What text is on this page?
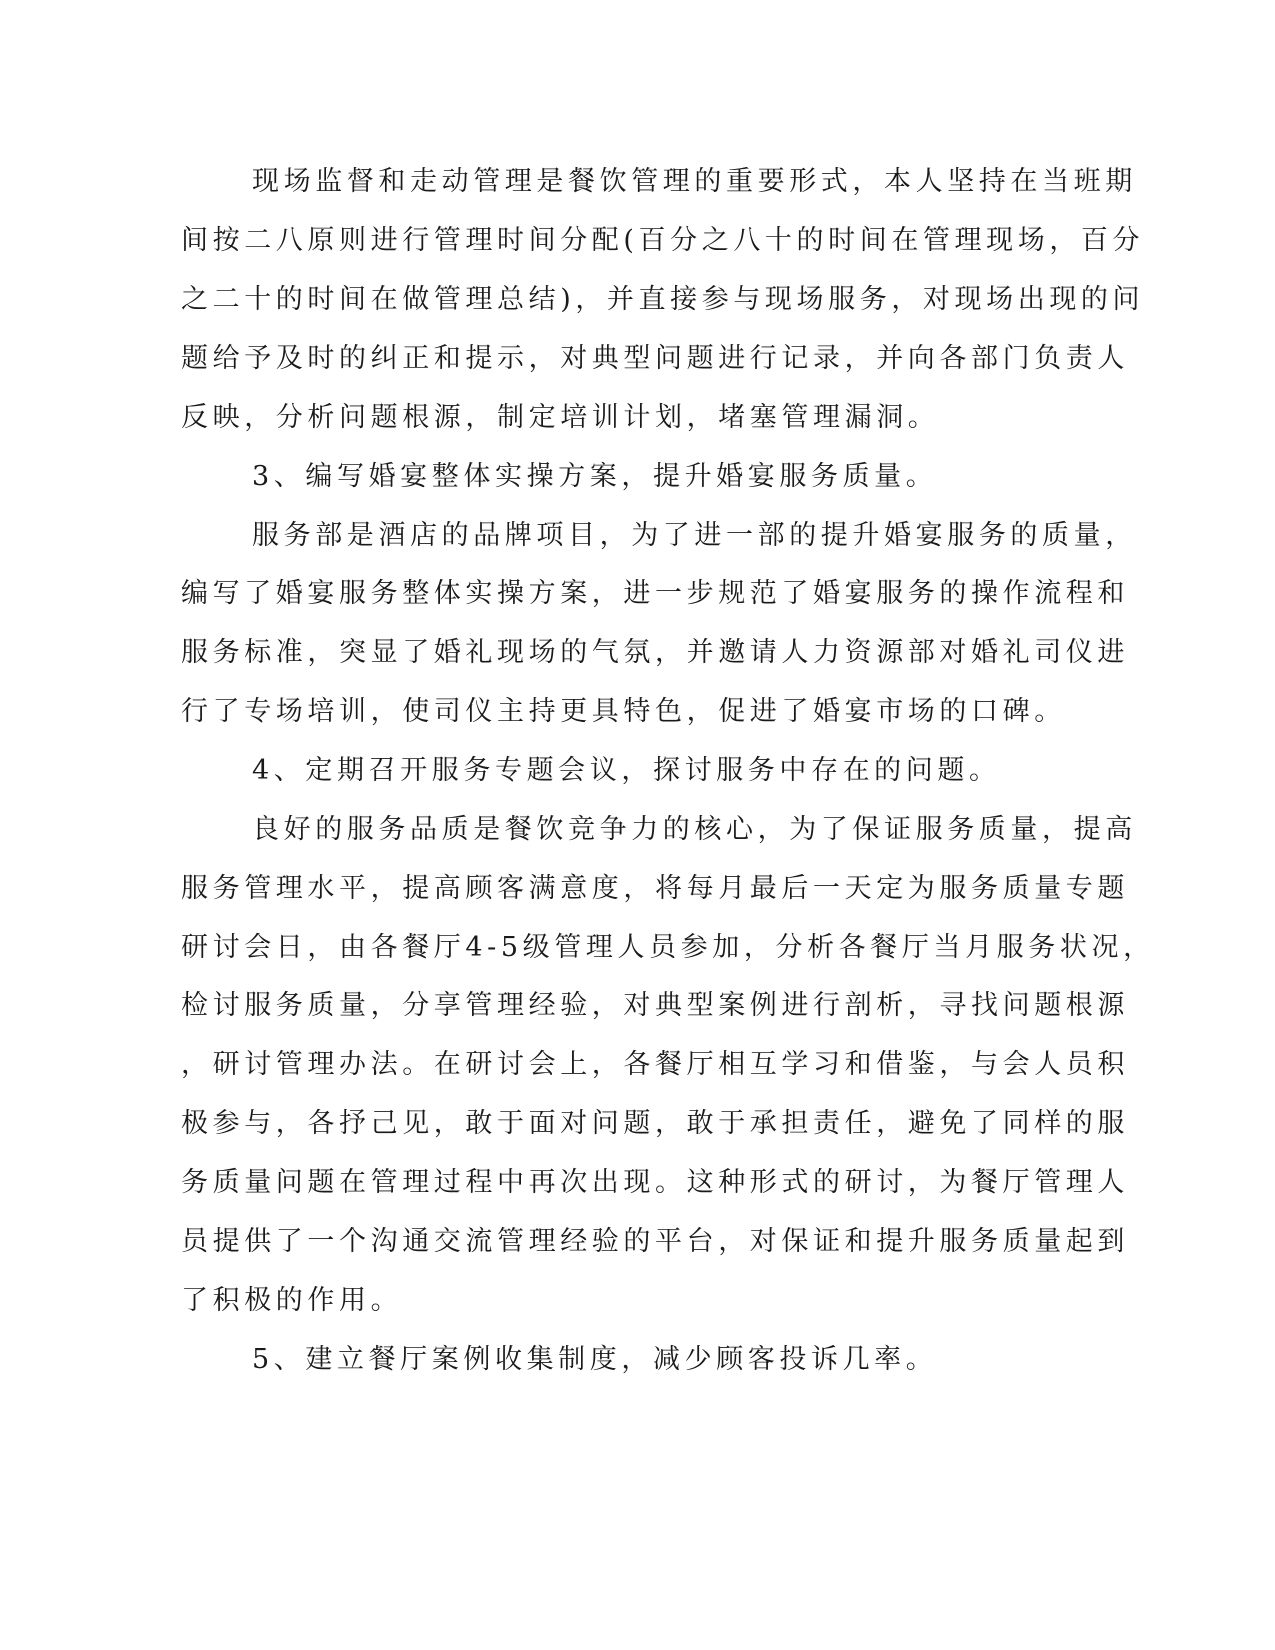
现场监督和走动管理是餐饮管理的重要形式，本人坚持在当班期
间按二八原则进行管理时间分配(百分之八十的时间在管理现场，百分
之二十的时间在做管理总结)，并直接参与现场服务，对现场出现的问
题给予及时的纠正和提示，对典型问题进行记录，并向各部门负责人
反映，分析问题根源，制定培训计划，堵塞管理漏洞。
3、编写婚宴整体实操方案，提升婚宴服务质量。
服务部是酒店的品牌项目，为了进一部的提升婚宴服务的质量，
编写了婚宴服务整体实操方案，进一步规范了婚宴服务的操作流程和
服务标准，突显了婚礼现场的气氛，并邀请人力资源部对婚礼司仪进
行了专场培训，使司仪主持更具特色，促进了婚宴市场的口碑。
4、定期召开服务专题会议，探讨服务中存在的问题。
良好的服务品质是餐饮竞争力的核心，为了保证服务质量，提高
服务管理水平，提高顾客满意度，将每月最后一天定为服务质量专题
研讨会日，由各餐厅4-5级管理人员参加，分析各餐厅当月服务状况，
检讨服务质量，分享管理经验，对典型案例进行剖析，寻找问题根源
，研讨管理办法。在研讨会上，各餐厅相互学习和借鉴，与会人员积
极参与，各抒己见，敢于面对问题，敢于承担责任，避免了同样的服
务质量问题在管理过程中再次出现。这种形式的研讨，为餐厅管理人
员提供了一个沟通交流管理经验的平台，对保证和提升服务质量起到
了积极的作用。
5、建立餐厅案例收集制度，减少顾客投诉几率。
